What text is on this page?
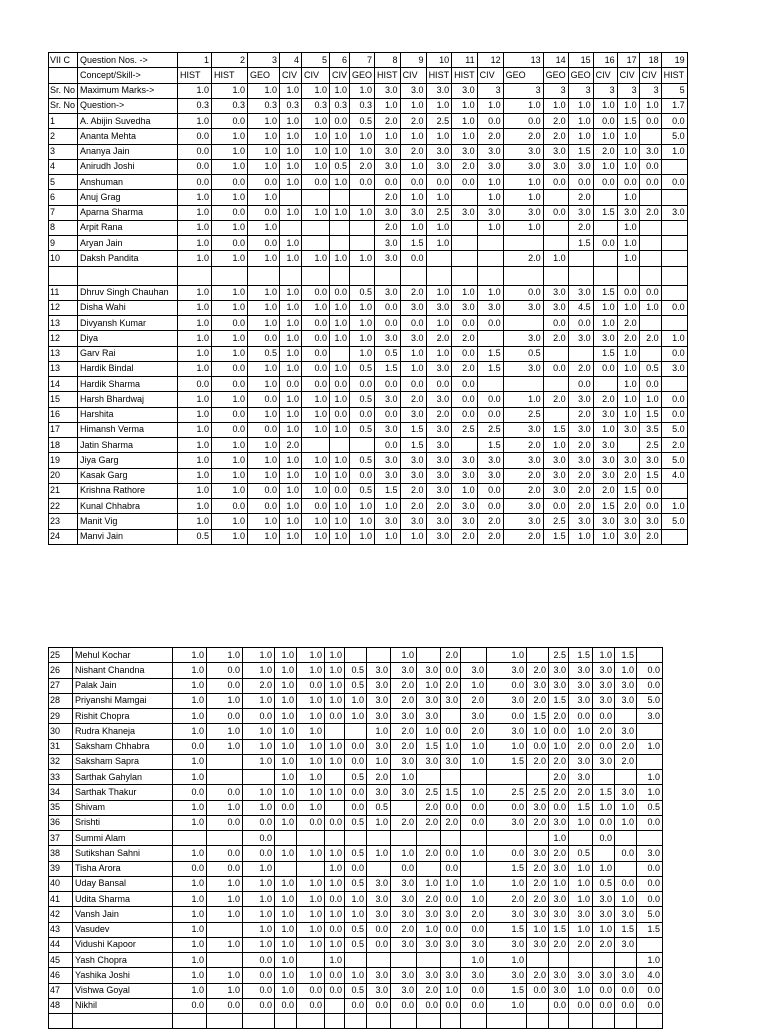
VII C	Question Nos. ->	1	2	3	4	5	6	7	8	9	10	11	12	13	14	15	16	17	18	19
	Concept/Skill->	HIST	HIST	GEO	CIV	CIV	CIV	GEO	HIST	CIV	HIST	HIST	CIV	GEO	GEO	GEO	CIV	CIV	CIV	HIST
Sr. No	Maximum Marks->	1.0	1.0	1.0	1.0	1.0	1.0	1.0	3.0	3.0	3.0	3.0	3	3	3	3	3	3	3	5
Sr. No	Question->	0.3	0.3	0.3	0.3	0.3	0.3	0.3	1.0	1.0	1.0	1.0	1.0	1.0	1.0	1.0	1.0	1.0	1.0	1.7
1	A. Abijin Suvedha	1.0	0.0	1.0	1.0	1.0	0.0	0.5	2.0	2.0	2.5	1.0	0.0	0.0	2.0	1.0	0.0	1.5	0.0	0.0
2	Ananta Mehta	0.0	1.0	1.0	1.0	1.0	1.0	1.0	1.0	1.0	1.0	1.0	2.0	2.0	2.0	1.0	1.0	1.0		5.0
3	Ananya Jain	0.0	1.0	1.0	1.0	1.0	1.0	1.0	3.0	2.0	3.0	3.0	3.0	3.0	3.0	1.5	2.0	1.0	3.0	1.0
4	Anirudh Joshi	0.0	1.0	1.0	1.0	1.0	0.5	2.0	3.0	1.0	3.0	2.0	3.0	3.0	3.0	3.0	1.0	1.0	0.0	
5	Anshuman	0.0	0.0	0.0	1.0	0.0	1.0	0.0	0.0	0.0	0.0	0.0	1.0	1.0	0.0	0.0	0.0	0.0	0.0	0.0
6	Anuj Grag	1.0	1.0	1.0					2.0	1.0	1.0		1.0	1.0		2.0		1.0		
7	Aparna Sharma	1.0	0.0	0.0	1.0	1.0	1.0	1.0	3.0	3.0	2.5	3.0	3.0	3.0	0.0	3.0	1.5	3.0	2.0	3.0
8	Arpit Rana	1.0	1.0	1.0					2.0	1.0	1.0		1.0	1.0		2.0		1.0		
9	Aryan Jain	1.0	0.0	0.0	1.0				3.0	1.5	1.0					1.5	0.0	1.0		
10	Daksh Pandita	1.0	1.0	1.0	1.0	1.0	1.0	1.0	3.0	0.0				2.0	1.0			1.0		

11	Dhruv Singh Chauhan	1.0	1.0	1.0	1.0	0.0	0.0	0.5	3.0	2.0	1.0	1.0	1.0	0.0	3.0	3.0	1.5	0.0	0.0	
12	Disha Wahi	1.0	1.0	1.0	1.0	1.0	1.0	1.0	0.0	3.0	3.0	3.0	3.0	3.0	3.0	4.5	1.0	1.0	1.0	0.0
13	Divyansh Kumar	1.0	0.0	1.0	1.0	0.0	1.0	1.0	0.0	0.0	1.0	0.0	0.0		0.0	0.0	1.0	2.0		
12	Diya	1.0	1.0	0.0	1.0	0.0	1.0	1.0	3.0	3.0	2.0	2.0		3.0	2.0	3.0	3.0	2.0	2.0	1.0
13	Garv Rai	1.0	1.0	0.5	1.0	0.0		1.0	0.5	1.0	1.0	0.0	1.5	0.5			1.5	1.0		0.0
13	Hardik Bindal	1.0	0.0	1.0	1.0	0.0	1.0	0.5	1.5	1.0	3.0	2.0	1.5	3.0	0.0	2.0	0.0	1.0	0.5	3.0
14	Hardik Sharma	0.0	0.0	1.0	0.0	0.0	0.0	0.0	0.0	0.0	0.0	0.0				0.0		1.0	0.0	
15	Harsh Bhardwaj	1.0	1.0	0.0	1.0	1.0	1.0	0.5	3.0	2.0	3.0	0.0	0.0	1.0	2.0	3.0	2.0	1.0	1.0	0.0
16	Harshita	1.0	0.0	1.0	1.0	1.0	0.0	0.0	0.0	3.0	2.0	0.0	0.0	2.5		2.0	3.0	1.0	1.5	0.0
17	Himansh Verma	1.0	0.0	0.0	1.0	1.0	1.0	0.5	3.0	1.5	3.0	2.5	2.5	3.0	1.5	3.0	1.0	3.0	3.5	5.0
18	Jatin Sharma	1.0	1.0	1.0	2.0				0.0	1.5	3.0		1.5	2.0	1.0	2.0	3.0		2.5	2.0
19	Jiya Garg	1.0	1.0	1.0	1.0	1.0	1.0	0.5	3.0	3.0	3.0	3.0	3.0	3.0	3.0	3.0	3.0	3.0	3.0	5.0
20	Kasak Garg	1.0	1.0	1.0	1.0	1.0	1.0	0.0	3.0	3.0	3.0	3.0	3.0	2.0	3.0	2.0	3.0	2.0	1.5	4.0
21	Krishna Rathore	1.0	1.0	0.0	1.0	1.0	0.0	0.5	1.5	2.0	3.0	1.0	0.0	2.0	3.0	2.0	2.0	1.5	0.0	
22	Kunal Chhabra	1.0	0.0	0.0	1.0	0.0	1.0	1.0	1.0	2.0	2.0	3.0	0.0	3.0	0.0	2.0	1.5	2.0	0.0	1.0
23	Manit Vig	1.0	1.0	1.0	1.0	1.0	1.0	1.0	3.0	3.0	3.0	3.0	2.0	3.0	2.5	3.0	3.0	3.0	3.0	5.0
24	Manvi Jain	0.5	1.0	1.0	1.0	1.0	1.0	1.0	1.0	1.0	3.0	2.0	2.0	2.0	1.5	1.0	1.0	3.0	2.0	
25	Mehul Kochar	1.0	1.0	1.0	1.0	1.0	1.0			1.0		2.0		1.0		2.5	1.5	1.0	1.5	
26	Nishant Chandna	1.0	0.0	1.0	1.0	1.0	1.0	0.5	3.0	3.0	3.0	0.0	3.0	3.0	2.0	3.0	3.0	3.0	1.0	0.0
27	Palak Jain	1.0	0.0	2.0	1.0	0.0	1.0	0.5	3.0	2.0	1.0	2.0	1.0	0.0	3.0	3.0	3.0	3.0	3.0	0.0
28	Priyanshi Mamgai	1.0	1.0	1.0	1.0	1.0	1.0	1.0	3.0	2.0	3.0	3.0	2.0	3.0	2.0	1.5	3.0	3.0	3.0	5.0
29	Rishit Chopra	1.0	0.0	0.0	1.0	1.0	0.0	1.0	3.0	3.0	3.0		3.0	0.0	1.5	2.0	0.0	0.0		3.0
30	Rudra Khaneja	1.0	1.0	1.0	1.0	1.0			1.0	2.0	1.0	0.0	2.0	3.0	1.0	0.0	1.0	2.0	3.0	
31	Saksham Chhabra	0.0	1.0	1.0	1.0	1.0	1.0	0.0	3.0	2.0	1.5	1.0	1.0	1.0	0.0	1.0	2.0	0.0	2.0	1.0
32	Saksham Sapra	1.0		1.0	1.0	1.0	1.0	0.0	1.0	3.0	3.0	3.0	1.0	1.5	2.0	2.0	3.0	3.0	2.0	
33	Sarthak Gahylan	1.0			1.0	1.0		0.5	2.0	1.0						2.0	3.0			1.0
34	Sarthak Thakur	0.0	0.0	1.0	1.0	1.0	1.0	0.0	3.0	3.0	2.5	1.5	1.0	2.5	2.5	2.0	2.0	1.5	3.0	1.0
35	Shivam	1.0	1.0	1.0	0.0	1.0		0.0	0.5		2.0	0.0	0.0	0.0	3.0	0.0	1.5	1.0	1.0	0.5
36	Srishti	1.0	0.0	0.0	1.0	0.0	0.0	0.5	1.0	2.0	2.0	2.0	0.0	3.0	2.0	3.0	1.0	0.0	1.0	0.0
37	Summi Alam			0.0												1.0		0.0		
38	Sutikshan Sahni	1.0	0.0	0.0	1.0	1.0	1.0	0.5	1.0	1.0	2.0	0.0	1.0	0.0	3.0	2.0	0.5		0.0	3.0
39	Tisha Arora	0.0	0.0	1.0			1.0	0.0		0.0		0.0		1.5	2.0	3.0	1.0	1.0		0.0
40	Uday Bansal	1.0	1.0	1.0	1.0	1.0	1.0	0.5	3.0	3.0	1.0	1.0	1.0	1.0	2.0	1.0	1.0	0.5	0.0	0.0
41	Udita Sharma	1.0	1.0	1.0	1.0	1.0	0.0	1.0	3.0	3.0	2.0	0.0	1.0	2.0	2.0	3.0	1.0	3.0	1.0	0.0
42	Vansh Jain	1.0	1.0	1.0	1.0	1.0	1.0	1.0	3.0	3.0	3.0	3.0	2.0	3.0	3.0	3.0	3.0	3.0	3.0	5.0
43	Vasudev	1.0		1.0	1.0	1.0	0.0	0.5	0.0	2.0	1.0	0.0	0.0	1.5	1.0	1.5	1.0	1.0	1.5	1.5
44	Vidushi Kapoor	1.0	1.0	1.0	1.0	1.0	1.0	0.5	0.0	3.0	3.0	3.0	3.0	3.0	3.0	2.0	2.0	2.0	3.0	
45	Yash Chopra	1.0		0.0	1.0		1.0						1.0	1.0						1.0
46	Yashika Joshi	1.0	1.0	0.0	1.0	1.0	0.0	1.0	3.0	3.0	3.0	3.0	3.0	3.0	2.0	3.0	3.0	3.0	3.0	4.0
47	Vishwa Goyal	1.0	1.0	0.0	1.0	0.0	0.0	0.5	3.0	3.0	2.0	1.0	0.0	1.5	0.0	3.0	1.0	0.0	0.0	0.0
48	Nikhil	0.0	0.0	0.0	0.0	0.0		0.0	0.0	0.0	0.0	0.0	0.0	1.0		0.0	0.0	0.0	0.0	0.0
